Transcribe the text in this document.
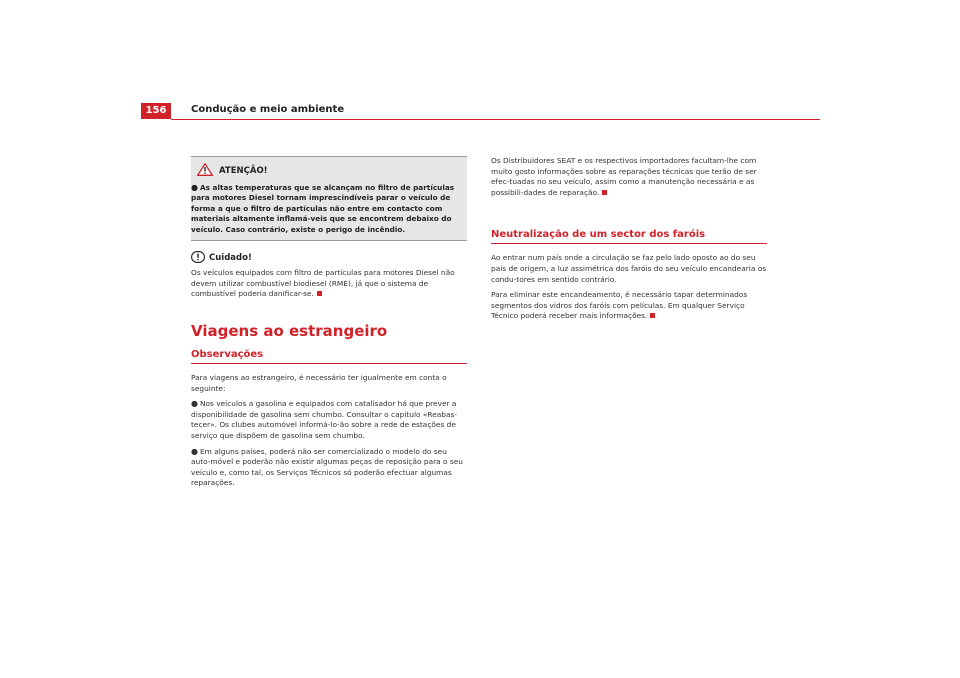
156	Condução e meio ambiente
ATENÇÃO!
● As altas temperaturas que se alcançam no filtro de partículas para motores Diesel tornam imprescindíveis parar o veículo de forma a que o filtro de partículas não entre em contacto com materiais altamente inflamá-veis que se encontrem debaixo do veículo. Caso contrário, existe o perigo de incêndio.
Cuidado!

Os veículos equipados com filtro de partículas para motores Diesel não devem utilizar combustível biodiesel (RME), já que o sistema de combustível poderia danificar-se.

Viagens ao estrangeiro
Observações

Para viagens ao estrangeiro, é necessário ter igualmente em conta o seguinte:

● Nos veículos a gasolina e equipados com catalisador há que prever a disponibilidade de gasolina sem chumbo. Consultar o capítulo «Reabas-tecer». Os clubes automóvel informá-lo-ão sobre a rede de estações de serviço que dispõem de gasolina sem chumbo.

● Em alguns países, poderá não ser comercializado o modelo do seu auto-móvel e poderão não existir algumas peças de reposição para o seu veículo e, como tal, os Serviços Técnicos só poderão efectuar algumas reparações.

Os Distribuidores SEAT e os respectivos importadores facultam-lhe com muito gosto informações sobre as reparações técnicas que terão de ser efec-tuadas no seu veículo, assim como a manutenção necessária e as possibili-dades de reparação.

Neutralização de um sector dos faróis

Ao entrar num país onde a circulação se faz pelo lado oposto ao do seu país de origem, a luz assimétrica dos faróis do seu veículo encandearia os condu-tores em sentido contrário.

Para eliminar este encandeamento, é necessário tapar determinados segmentos dos vidros dos faróis com películas. Em qualquer Serviço Técnico poderá receber mais informações.
